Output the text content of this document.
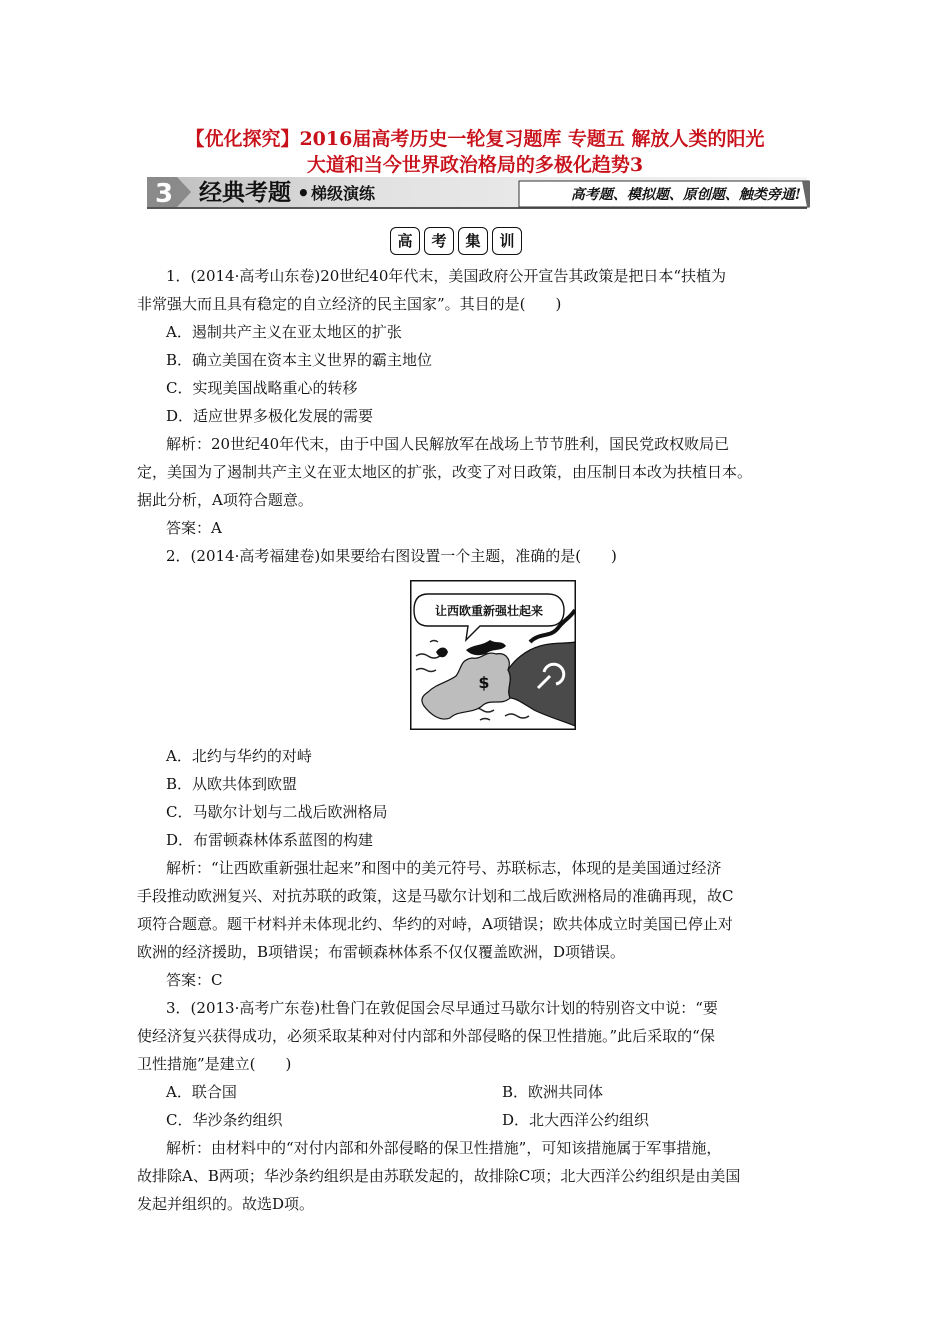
【优化探究】2016届高考历史一轮复习题库 专题五 解放人类的阳光
大道和当今世界政治格局的多极化趋势3
3 经典考题 • 梯级演练	高考题、模拟题、原创题、触类旁通!
高	考	集	训
1．(2014·高考山东卷)20世纪40年代末，美国政府公开宣告其政策是把日本“扶植为
非常强大而且具有稳定的自立经济的民主国家”。其目的是(　　)
A．遏制共产主义在亚太地区的扩张
B．确立美国在资本主义世界的霸主地位
C．实现美国战略重心的转移
D．适应世界多极化发展的需要
解析：20世纪40年代末，由于中国人民解放军在战场上节节胜利，国民党政权败局已
定，美国为了遏制共产主义在亚太地区的扩张，改变了对日政策，由压制日本改为扶植日本。
据此分析，A项符合题意。
答案：A
2．(2014·高考福建卷)如果要给右图设置一个主题，准确的是(　　)
让西欧重新强壮起来
$
A．北约与华约的对峙
B．从欧共体到欧盟
C．马歇尔计划与二战后欧洲格局
D．布雷顿森林体系蓝图的构建
解析：“让西欧重新强壮起来”和图中的美元符号、苏联标志，体现的是美国通过经济
手段推动欧洲复兴、对抗苏联的政策，这是马歇尔计划和二战后欧洲格局的准确再现，故C
项符合题意。题干材料并未体现北约、华约的对峙，A项错误；欧共体成立时美国已停止对
欧洲的经济援助，B项错误；布雷顿森林体系不仅仅覆盖欧洲，D项错误。
答案：C
3．(2013·高考广东卷)杜鲁门在敦促国会尽早通过马歇尔计划的特别咨文中说：“要
使经济复兴获得成功，必须采取某种对付内部和外部侵略的保卫性措施。”此后采取的“保
卫性措施”是建立(　　)
A．联合国	B．欧洲共同体
C．华沙条约组织	D．北大西洋公约组织
解析：由材料中的“对付内部和外部侵略的保卫性措施”，可知该措施属于军事措施，
故排除A、B两项；华沙条约组织是由苏联发起的，故排除C项；北大西洋公约组织是由美国
发起并组织的。故选D项。
